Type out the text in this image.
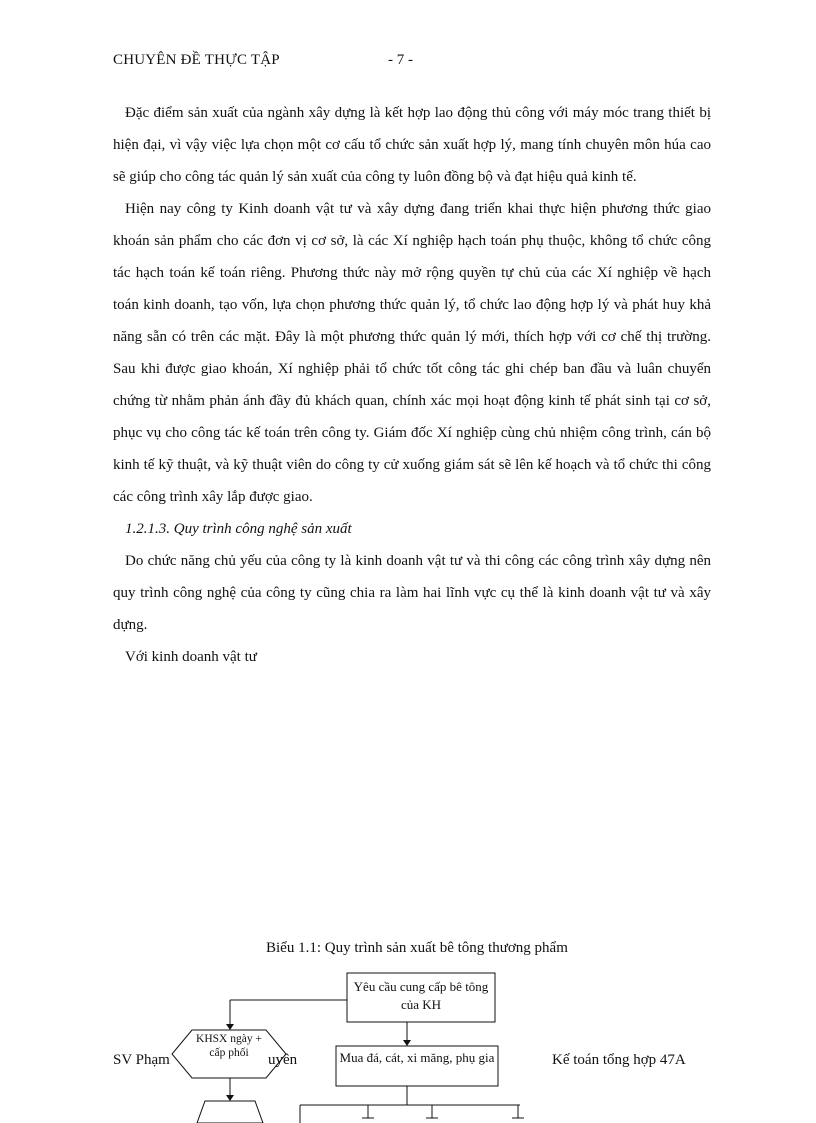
CHUYÊN ĐỀ THỰC TẬP	- 7 -

Đặc điểm sản xuất của ngành xây dựng là kết hợp lao động thủ công với máy móc trang thiết bị hiện đại, vì vậy việc lựa chọn một cơ cấu tổ chức sản xuất hợp lý, mang tính chuyên môn húa cao sẽ giúp cho công tác quản lý sản xuất của công ty luôn đồng bộ và đạt hiệu quả kinh tế.

Hiện nay công ty Kinh doanh vật tư và xây dựng đang triển khai thực hiện phương thức giao khoán sản phẩm cho các đơn vị cơ sở, là các Xí nghiệp hạch toán phụ thuộc, không tổ chức công tác hạch toán kế toán riêng. Phương thức này mở rộng quyền tự chủ của các Xí nghiệp về hạch toán kinh doanh, tạo vốn, lựa chọn phương thức quản lý, tổ chức lao động hợp lý và phát huy khả năng sẵn có trên các mặt. Đây là một phương thức quản lý mới, thích hợp với cơ chế thị trường. Sau khi được giao khoán, Xí nghiệp phải tổ chức tốt công tác ghi chép ban đầu và luân chuyển chứng từ nhằm phản ánh đầy đủ khách quan, chính xác mọi hoạt động kinh tế phát sinh tại cơ sở, phục vụ cho công tác kế toán trên công ty. Giám đốc Xí nghiệp cùng chủ nhiệm công trình, cán bộ kinh tế kỹ thuật, và kỹ thuật viên do công ty cử xuống giám sát sẽ lên kế hoạch và tổ chức thi công các công trình xây lắp được giao.

1.2.1.3. Quy trình công nghệ sản xuất

Do chức năng chủ yếu của công ty là kinh doanh vật tư và thi công các công trình xây dựng nên quy trình công nghệ của công ty cũng chia ra làm hai lĩnh vực cụ thể là kinh doanh vật tư và xây dựng.

Với kinh doanh vật tư

Biểu 1.1: Quy trình sản xuất bê tông thương phẩm
Yêu cầu cung cấp bê tông của KH
KHSX ngày + cấp phối	Mua đá, cát, xi măng, phụ gia
SV Phạm	uyên	Kế toán tổng hợp 47A
